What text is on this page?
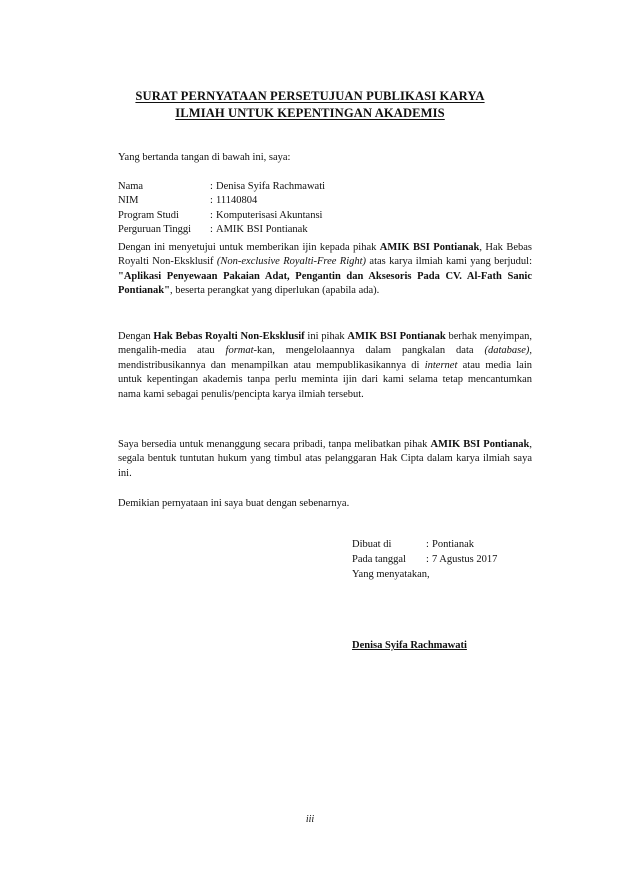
SURAT PERNYATAAN PERSETUJUAN PUBLIKASI KARYA
ILMIAH UNTUK KEPENTINGAN AKADEMIS
Yang bertanda tangan di bawah ini, saya:
Nama	: Denisa Syifa Rachmawati
NIM	: 11140804
Program Studi	: Komputerisasi Akuntansi
Perguruan Tinggi	: AMIK BSI Pontianak
Dengan ini menyetujui untuk memberikan ijin kepada pihak AMIK BSI Pontianak, Hak Bebas Royalti Non-Eksklusif (Non-exclusive Royalti-Free Right) atas karya ilmiah kami yang berjudul: "Aplikasi Penyewaan Pakaian Adat, Pengantin dan Aksesoris Pada CV. Al-Fath Sanic Pontianak", beserta perangkat yang diperlukan (apabila ada).
Dengan Hak Bebas Royalti Non-Eksklusif ini pihak AMIK BSI Pontianak berhak menyimpan, mengalih-media atau format-kan, mengelolaannya dalam pangkalan data (database), mendistribusikannya dan menampilkan atau mempublikasikannya di internet atau media lain untuk kepentingan akademis tanpa perlu meminta ijin dari kami selama tetap mencantumkan nama kami sebagai penulis/pencipta karya ilmiah tersebut.
Saya bersedia untuk menanggung secara pribadi, tanpa melibatkan pihak AMIK BSI Pontianak, segala bentuk tuntutan hukum yang timbul atas pelanggaran Hak Cipta dalam karya ilmiah saya ini.
Demikian pernyataan ini saya buat dengan sebenarnya.
Dibuat di	: Pontianak
Pada tanggal	: 7 Agustus 2017
Yang menyatakan,
Denisa Syifa Rachmawati
iii
